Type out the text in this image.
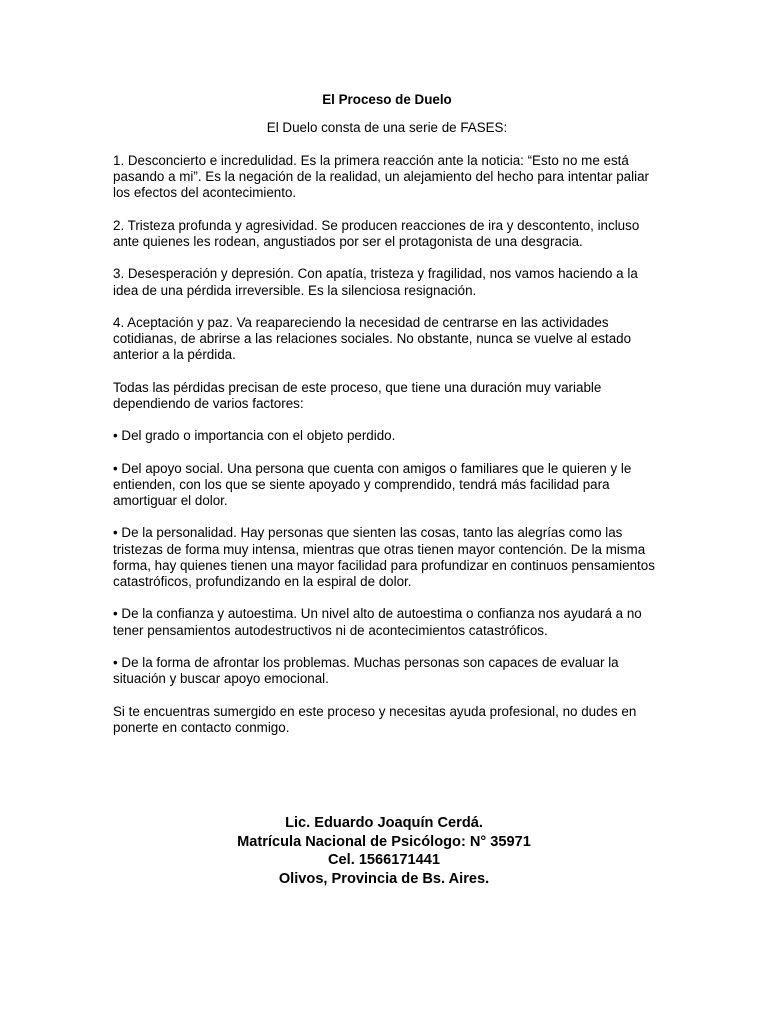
El Proceso de Duelo
El Duelo consta de una serie de FASES:

1. Desconcierto e incredulidad. Es la primera reacción ante la noticia: “Esto no me está pasando a mi”. Es la negación de la realidad, un alejamiento del hecho para intentar paliar los efectos del acontecimiento.

2. Tristeza profunda y agresividad. Se producen reacciones de ira y descontento, incluso ante quienes les rodean, angustiados por ser el protagonista de una desgracia.

3. Desesperación y depresión. Con apatía, tristeza y fragilidad, nos vamos haciendo a la idea de una pérdida irreversible. Es la silenciosa resignación.

4. Aceptación y paz. Va reapareciendo la necesidad de centrarse en las actividades cotidianas, de abrirse a las relaciones sociales. No obstante, nunca se vuelve al estado anterior a la pérdida.

Todas las pérdidas precisan de este proceso, que tiene una duración muy variable dependiendo de varios factores:

• Del grado o importancia con el objeto perdido.

• Del apoyo social. Una persona que cuenta con amigos o familiares que le quieren y le entienden, con los que se siente apoyado y comprendido, tendrá más facilidad para amortiguar el dolor.

• De la personalidad. Hay personas que sienten las cosas, tanto las alegrías como las tristezas de forma muy intensa, mientras que otras tienen mayor contención. De la misma forma, hay quienes tienen una mayor facilidad para profundizar en continuos pensamientos catastróficos, profundizando en la espiral de dolor.

• De la confianza y autoestima. Un nivel alto de autoestima o confianza nos ayudará a no tener pensamientos autodestructivos ni de acontecimientos catastróficos.

• De la forma de afrontar los problemas. Muchas personas son capaces de evaluar la situación y buscar apoyo emocional.

Si te encuentras sumergido en este proceso y necesitas ayuda profesional, no dudes en ponerte en contacto conmigo.

Lic. Eduardo Joaquín Cerdá.
Matrícula Nacional de Psicólogo: N° 35971
Cel. 1566171441
Olivos, Provincia de Bs. Aires.
